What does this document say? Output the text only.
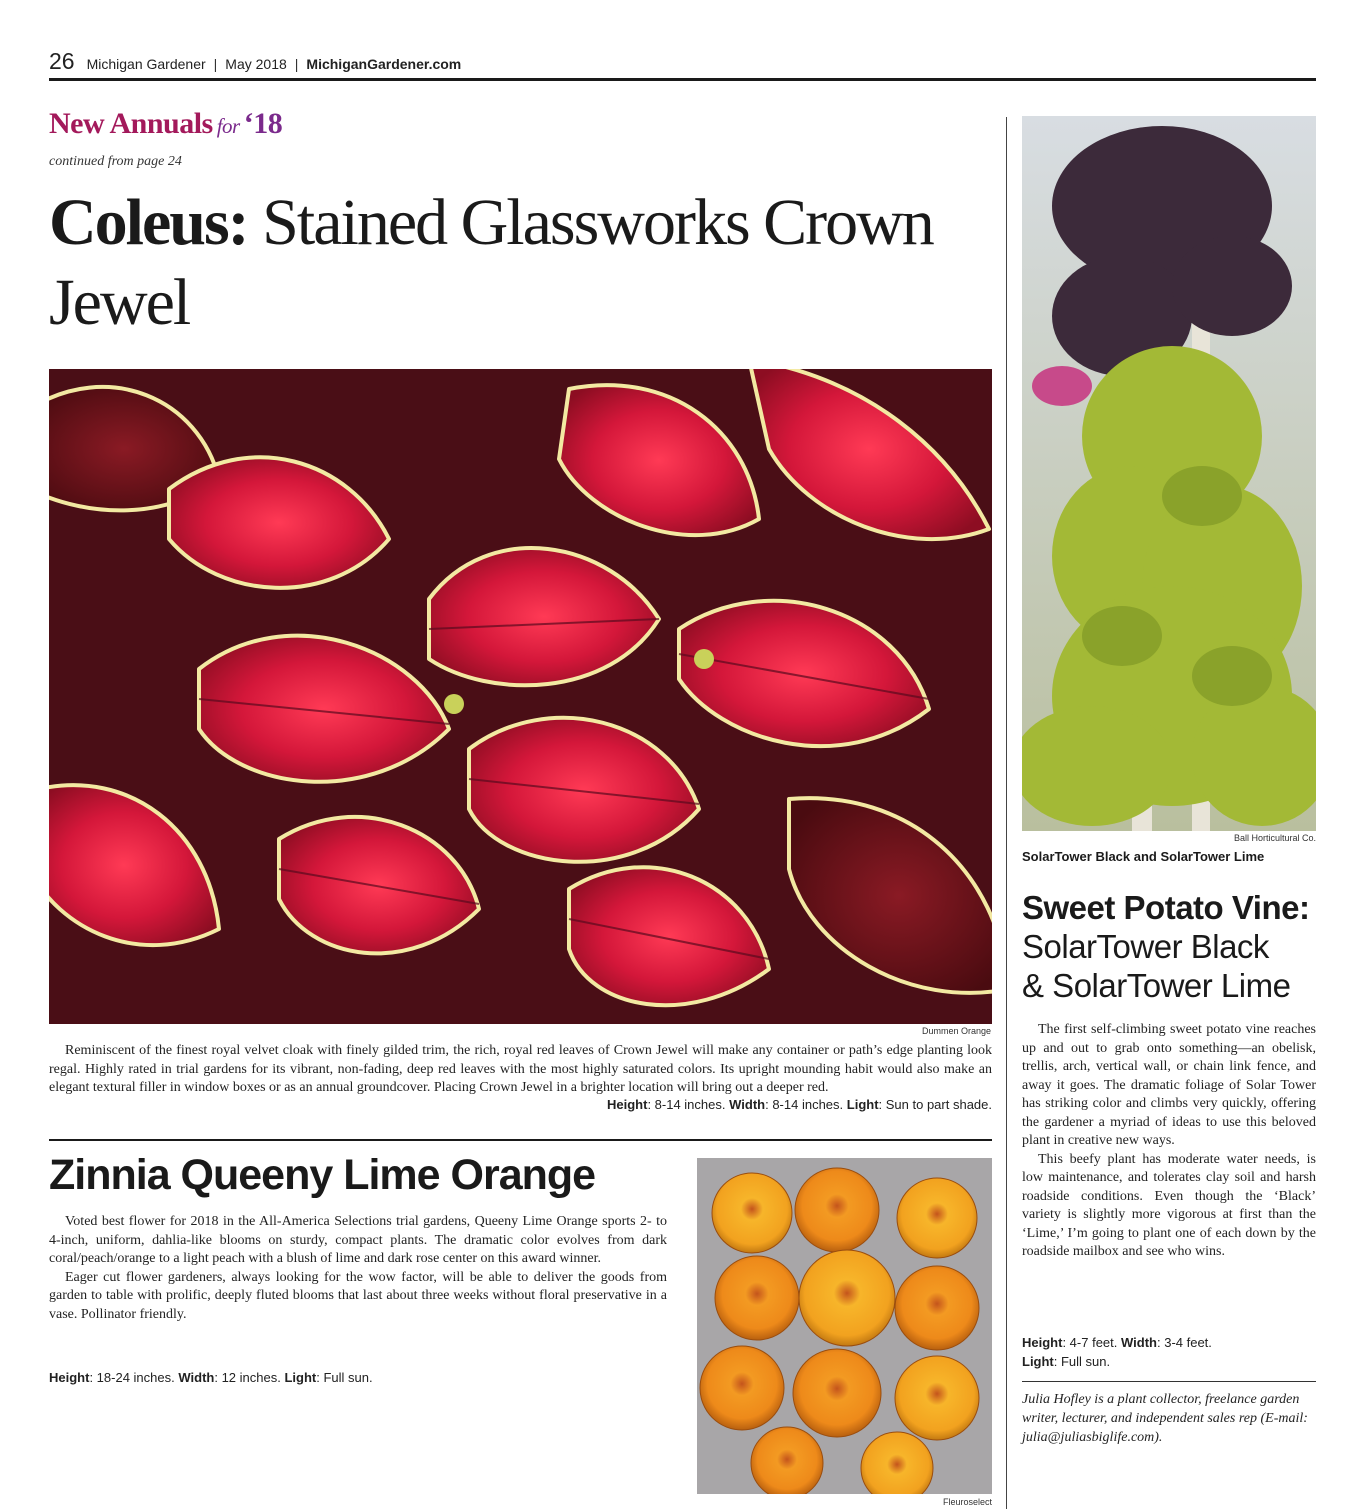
26 Michigan Gardener | May 2018 | MichiganGardener.com
New Annuals for ‘18
continued from page 24
Coleus: Stained Glassworks Crown Jewel
Dummen Orange

Reminiscent of the finest royal velvet cloak with finely gilded trim, the rich, royal red leaves of Crown Jewel will make any container or path’s edge planting look regal. Highly rated in trial gardens for its vibrant, non-fading, deep red leaves with the most highly saturated colors. Its upright mounding habit would also make an elegant textural filler in window boxes or as an annual groundcover. Placing Crown Jewel in a brighter location will bring out a deeper red.

Height: 8-14 inches. Width: 8-14 inches. Light: Sun to part shade.
Zinnia Queeny Lime Orange

Voted best flower for 2018 in the All-America Selections trial gardens, Queeny Lime Orange sports 2- to 4-inch, uniform, dahlia-like blooms on sturdy, compact plants. The dramatic color evolves from dark coral/peach/orange to a light peach with a blush of lime and dark rose center on this award winner.

Eager cut flower gardeners, always looking for the wow factor, will be able to deliver the goods from garden to table with prolific, deeply fluted blooms that last about three weeks without floral preservative in a vase. Pollinator friendly.

Height: 18-24 inches. Width: 12 inches. Light: Full sun.
Fleuroselect
Ball Horticultural Co.
SolarTower Black and SolarTower Lime
Sweet Potato Vine:
SolarTower Black
& SolarTower Lime

The first self-climbing sweet potato vine reaches up and out to grab onto something—an obelisk, trellis, arch, vertical wall, or chain link fence, and away it goes. The dramatic foliage of Solar Tower has striking color and climbs very quickly, offering the gardener a myriad of ideas to use this beloved plant in creative new ways.

This beefy plant has moderate water needs, is low maintenance, and tolerates clay soil and harsh roadside conditions. Even though the ‘Black’ variety is slightly more vigorous at first than the ‘Lime,’ I’m going to plant one of each down by the roadside mailbox and see who wins.

Height: 4-7 feet. Width: 3-4 feet.
Light: Full sun.
Julia Hofley is a plant collector, freelance garden writer, lecturer, and independent sales rep (E-mail: julia@juliasbiglife.com).
